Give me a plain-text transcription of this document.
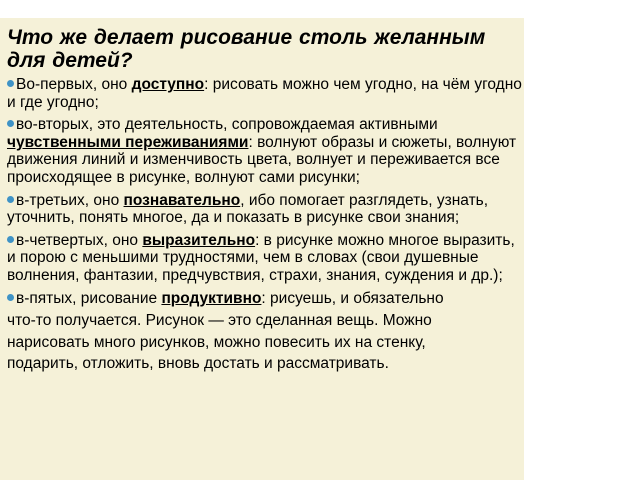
Что же делает рисование столь желанным для детей?
Во-первых, оно доступно: рисовать можно чем угодно, на чём угодно и где угодно;
во-вторых, это деятельность, сопровождаемая активными чувственными переживаниями: волнуют образы и сюжеты, волнуют движения линий и изменчивость цвета, волнует и переживается все происходящее в рисунке, волнуют сами рисунки;
в-третьих, оно познавательно, ибо помогает разглядеть, узнать, уточнить, понять многое, да и показать в рисунке свои знания;
в-четвертых, оно выразительно: в рисунке можно многое выразить, и порою с меньшими трудностями, чем в словах (свои душевные волнения, фантазии, предчувствия, страхи, знания, суждения и др.);
в-пятых, рисование продуктивно: рисуешь, и обязательно
что-то получается. Рисунок — это сделанная вещь. Можно
нарисовать много рисунков, можно повесить их на стенку,
подарить, отложить, вновь достать и рассматривать.
